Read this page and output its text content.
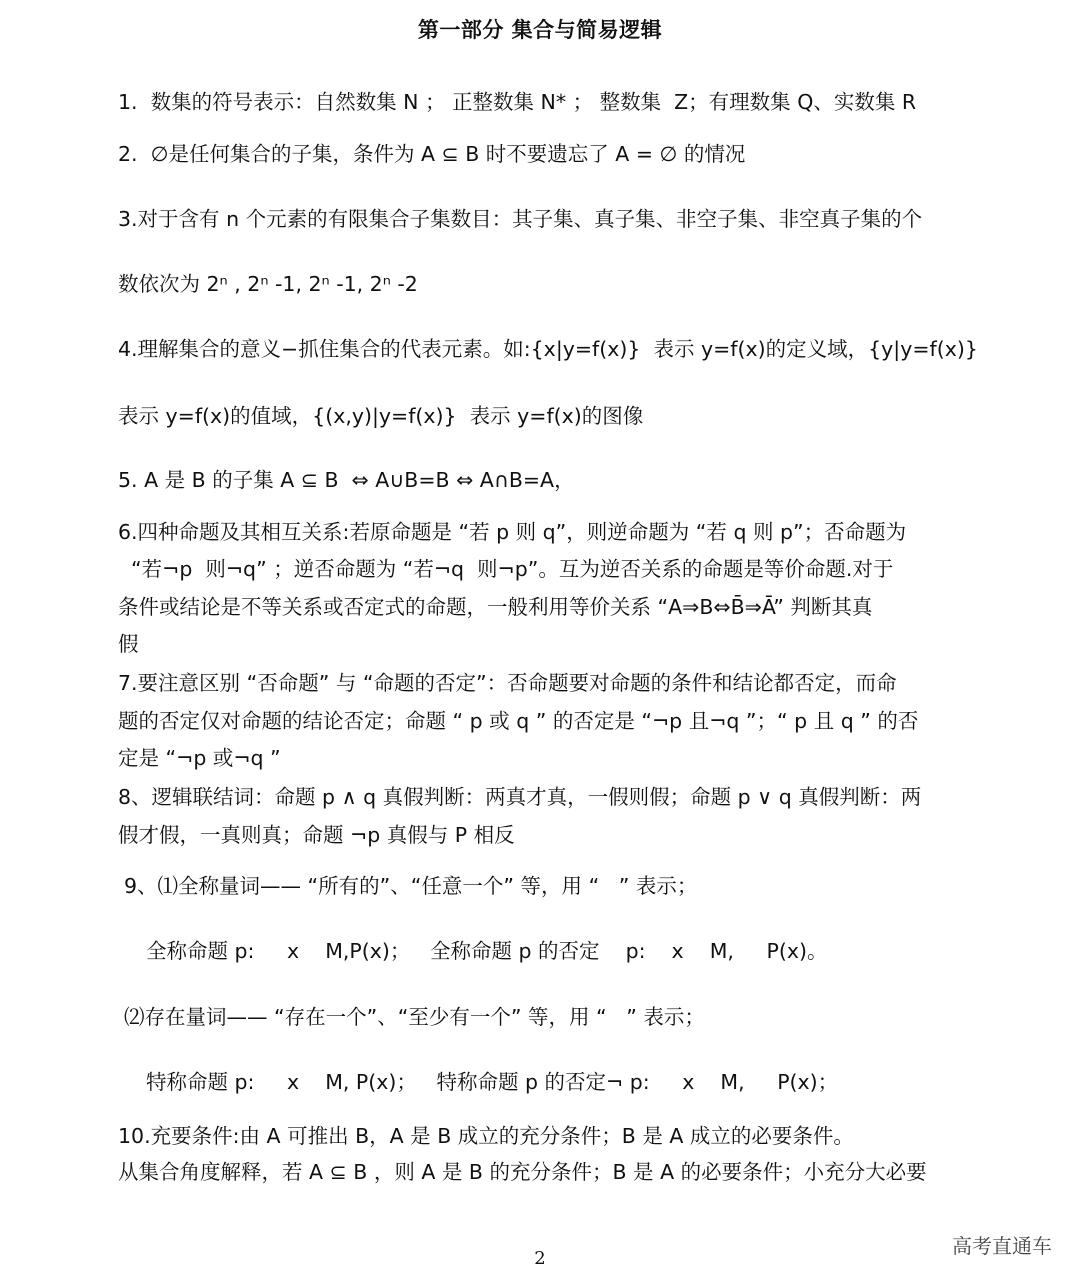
第一部分 集合与简易逻辑
1.  数集的符号表示：自然数集 N ； 正整数集 N* ； 整数集  Z；有理数集 Q、实数集 R
2.  ∅是任何集合的子集，条件为 A ⊆ B 时不要遗忘了 A = ∅ 的情况
3.对于含有 n 个元素的有限集合子集数目：其子集、真子集、非空子集、非空真子集的个
数依次为 2ⁿ , 2ⁿ -1, 2ⁿ -1, 2ⁿ -2
4.理解集合的意义−抓住集合的代表元素。如:{x|y=f(x)}  表示 y=f(x)的定义域，{y|y=f(x)}
表示 y=f(x)的值域，{(x,y)|y=f(x)}  表示 y=f(x)的图像
5. A 是 B 的子集 A ⊆ B  ⇔ A∪B=B ⇔ A∩B=A，
6.四种命题及其相互关系:若原命题是 “若 p 则 q”，则逆命题为 “若 q 则 p”；否命题为
“若¬p  则¬q” ；逆否命题为 “若¬q  则¬p”。互为逆否关系的命题是等价命题.对于
条件或结论是不等关系或否定式的命题，一般利用等价关系 “A⇒B⇔B̄⇒Ā” 判断其真
假
7.要注意区别 “否命题” 与 “命题的否定”：否命题要对命题的条件和结论都否定，而命
题的否定仅对命题的结论否定；命题 “ p 或 q ” 的否定是 “¬p 且¬q ”；“ p 且 q ” 的否
定是 “¬p 或¬q ”
8、逻辑联结词：命题 p ∧ q 真假判断：两真才真，一假则假；命题 p ∨ q 真假判断：两
假才假，一真则真；命题 ¬p 真假与 P 相反
9、⑴全称量词—— “所有的”、“任意一个” 等，用 “   ” 表示；
全称命题 p:     x    M,P(x)；   全称命题 p 的否定    p:    x    M,     P(x)。
⑵存在量词—— “存在一个”、“至少有一个” 等，用 “   ” 表示；
特称命题 p:     x    M, P(x)；   特称命题 p 的否定¬ p:     x    M,     P(x)；
10.充要条件:由 A 可推出 B，A 是 B 成立的充分条件；B 是 A 成立的必要条件。
从集合角度解释，若 A ⊆ B ，则 A 是 B 的充分条件；B 是 A 的必要条件；小充分大必要
高考直通车
2
